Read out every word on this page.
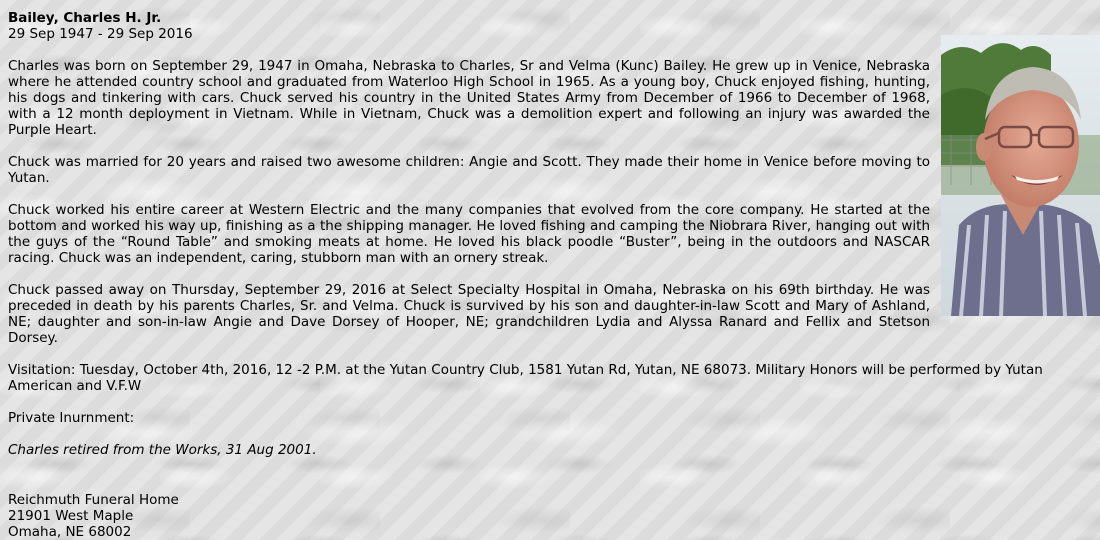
Bailey, Charles H. Jr.
29 Sep 1947 - 29 Sep 2016

Charles was born on September 29, 1947 in Omaha, Nebraska to Charles, Sr and Velma (Kunc) Bailey. He grew up in Venice, Nebraska where he attended country school and graduated from Waterloo High School in 1965. As a young boy, Chuck enjoyed fishing, hunting, his dogs and tinkering with cars. Chuck served his country in the United States Army from December of 1966 to December of 1968, with a 12 month deployment in Vietnam. While in Vietnam, Chuck was a demolition expert and following an injury was awarded the Purple Heart.

Chuck was married for 20 years and raised two awesome children: Angie and Scott. They made their home in Venice before moving to Yutan.

Chuck worked his entire career at Western Electric and the many companies that evolved from the core company. He started at the bottom and worked his way up, finishing as a the shipping manager. He loved fishing and camping the Niobrara River, hanging out with the guys of the “Round Table” and smoking meats at home. He loved his black poodle “Buster”, being in the outdoors and NASCAR racing. Chuck was an independent, caring, stubborn man with an ornery streak.

Chuck passed away on Thursday, September 29, 2016 at Select Specialty Hospital in Omaha, Nebraska on his 69th birthday. He was preceded in death by his parents Charles, Sr. and Velma. Chuck is survived by his son and daughter-in-law Scott and Mary of Ashland, NE; daughter and son-in-law Angie and Dave Dorsey of Hooper, NE; grandchildren Lydia and Alyssa Ranard and Fellix and Stetson Dorsey.

Visitation: Tuesday, October 4th, 2016, 12 -2 P.M. at the Yutan Country Club, 1581 Yutan Rd, Yutan, NE 68073. Military Honors will be performed by Yutan American and V.F.W

Private Inurnment:

Charles retired from the Works, 31 Aug 2001.

Reichmuth Funeral Home
21901 West Maple
Omaha, NE 68002
